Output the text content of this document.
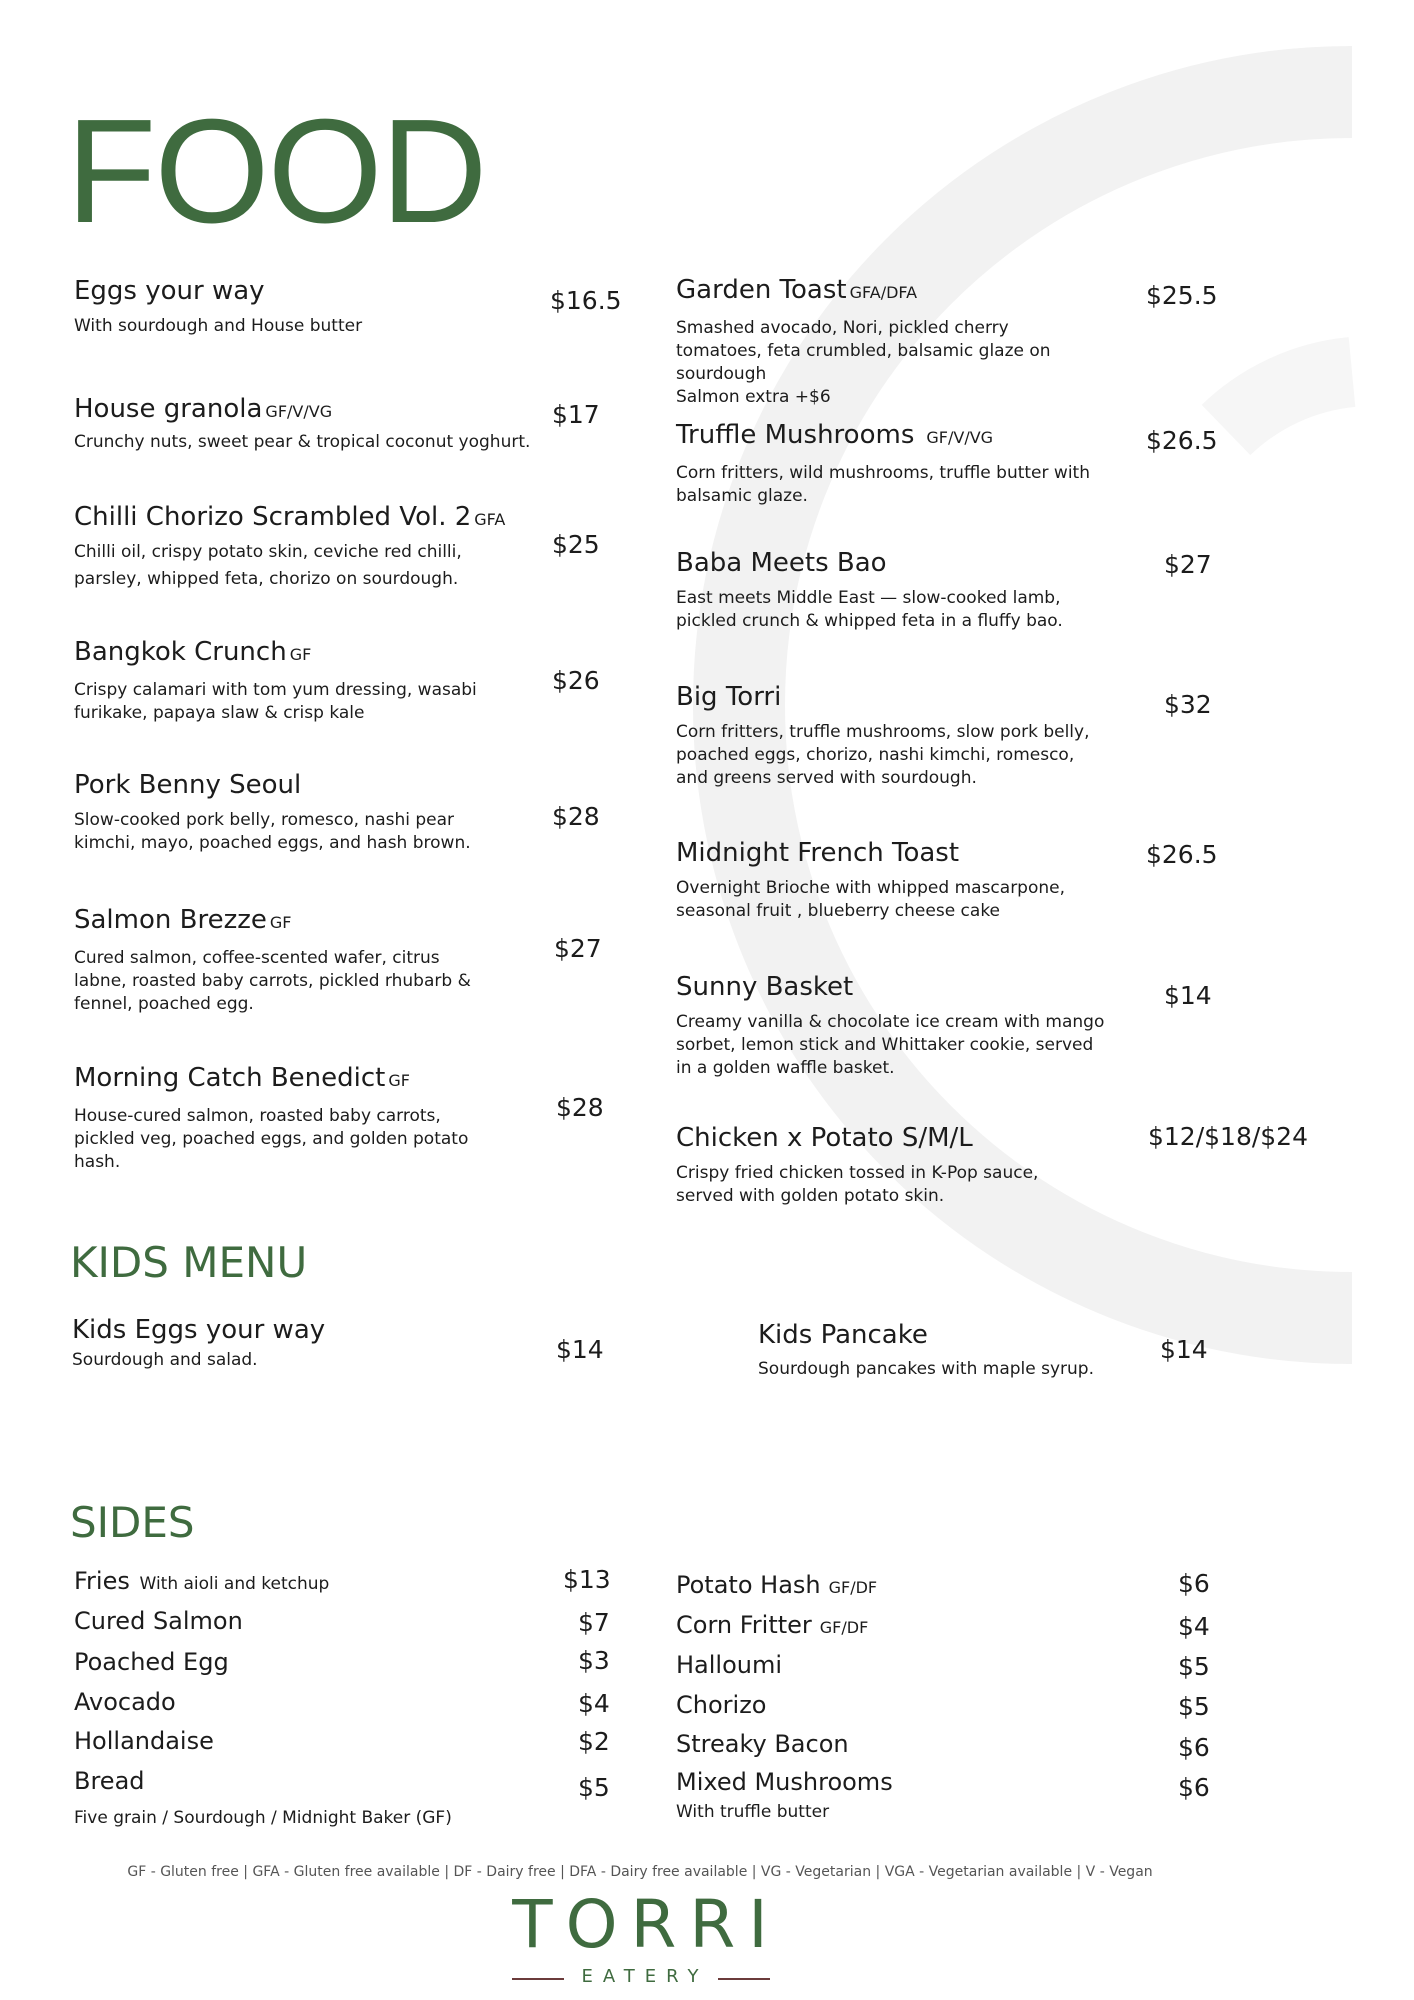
FOOD
Eggs your way
With sourdough and House butter
$16.5
House granola GF/V/VG
Crunchy nuts, sweet pear & tropical coconut yoghurt.
$17
Chilli Chorizo Scrambled Vol. 2 GFA
Chilli oil, crispy potato skin, ceviche red chilli, parsley, whipped feta, chorizo on sourdough.
$25
Bangkok Crunch GF
Crispy calamari with tom yum dressing, wasabi furikake, papaya slaw & crisp kale
$26
Pork Benny Seoul
Slow-cooked pork belly, romesco, nashi pear kimchi, mayo, poached eggs, and hash brown.
$28
Salmon Brezze GF
Cured salmon, coffee-scented wafer, citrus labne, roasted baby carrots, pickled rhubarb & fennel, poached egg.
$27
Morning Catch Benedict GF
House-cured salmon, roasted baby carrots, pickled veg, poached eggs, and golden potato hash.
$28
Garden Toast GFA/DFA
Smashed avocado, Nori, pickled cherry tomatoes, feta crumbled, balsamic glaze on sourdough
Salmon extra +$6
$25.5
Truffle Mushrooms GF/V/VG
Corn fritters, wild mushrooms, truffle butter with balsamic glaze.
$26.5
Baba Meets Bao
East meets Middle East — slow-cooked lamb, pickled crunch & whipped feta in a fluffy bao.
$27
Big Torri
Corn fritters, truffle mushrooms, slow pork belly, poached eggs, chorizo, nashi kimchi, romesco, and greens served with sourdough.
$32
Midnight French Toast
Overnight Brioche with whipped mascarpone, seasonal fruit , blueberry cheese cake
$26.5
Sunny Basket
Creamy vanilla & chocolate ice cream with mango sorbet, lemon stick and Whittaker cookie, served in a golden waffle basket.
$14
Chicken x Potato S/M/L
Crispy fried chicken tossed in K-Pop sauce, served with golden potato skin.
$12/$18/$24
KIDS MENU
Kids Eggs your way
Sourdough and salad.	$14	Kids Pancake
Sourdough pancakes with maple syrup.
$14
SIDES
Fries With aioli and ketchup	$13
Cured Salmon	$7
Poached Egg	$3
Avocado	$4
Hollandaise	$2
Bread	$5
Five grain / Sourdough / Midnight Baker (GF)
Potato Hash GF/DF	$6
Corn Fritter GF/DF	$4
Halloumi	$5
Chorizo	$5
Streaky Bacon	$6
Mixed Mushrooms	$6
With truffle butter
GF - Gluten free | GFA - Gluten free available | DF - Dairy free | DFA - Dairy free available | VG - Vegetarian | VGA - Vegetarian available | V - Vegan
TORRI
EATERY
